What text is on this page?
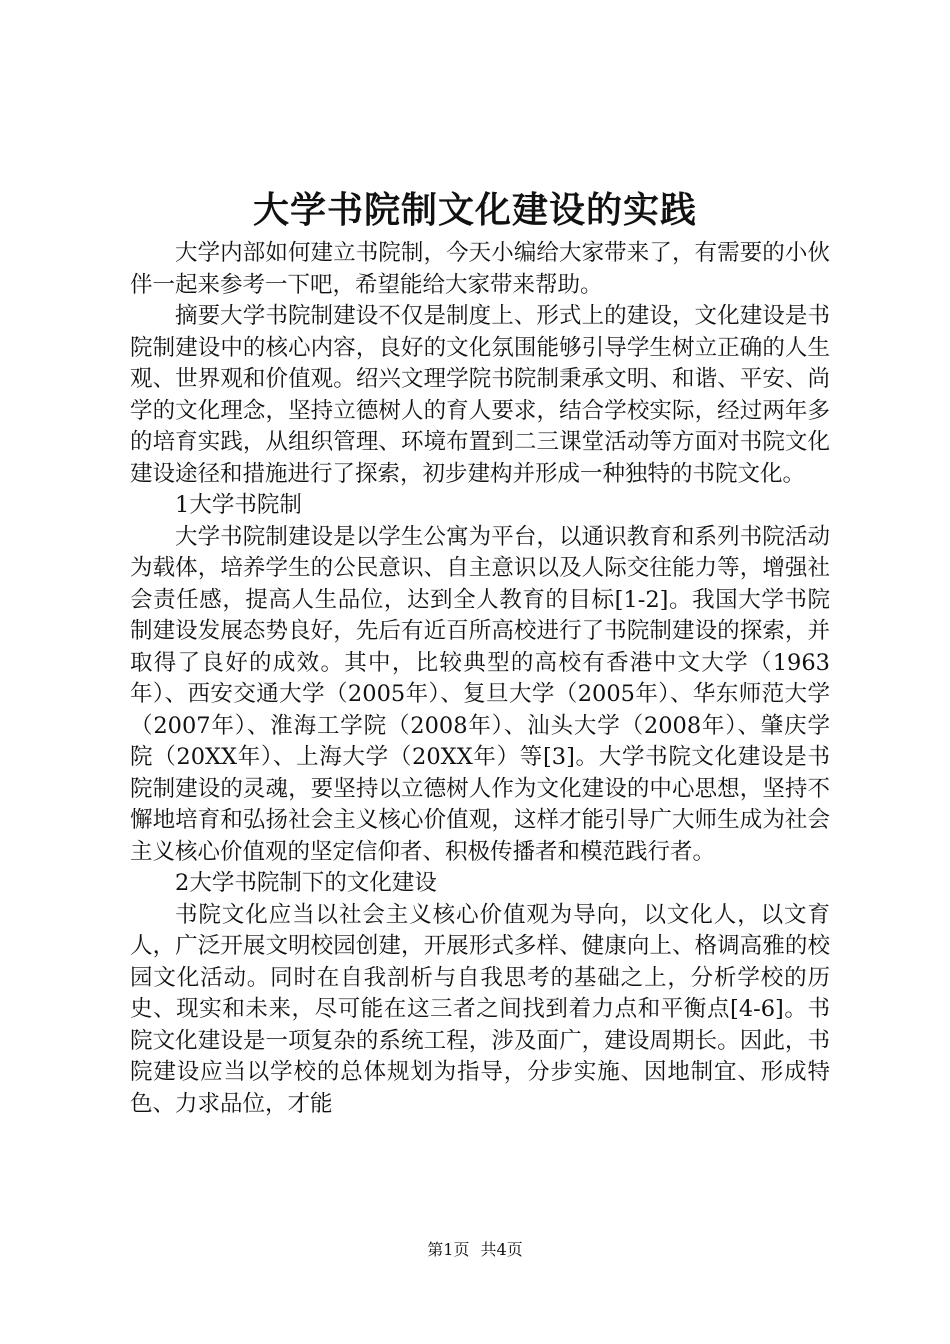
大学书院制文化建设的实践

大学内部如何建立书院制，今天小编给大家带来了，有需要的小伙伴一起来参考一下吧，希望能给大家带来帮助。

摘要大学书院制建设不仅是制度上、形式上的建设，文化建设是书院制建设中的核心内容，良好的文化氛围能够引导学生树立正确的人生观、世界观和价值观。绍兴文理学院书院制秉承文明、和谐、平安、尚学的文化理念，坚持立德树人的育人要求，结合学校实际，经过两年多的培育实践，从组织管理、环境布置到二三课堂活动等方面对书院文化建设途径和措施进行了探索，初步建构并形成一种独特的书院文化。

1大学书院制

大学书院制建设是以学生公寓为平台，以通识教育和系列书院活动为载体，培养学生的公民意识、自主意识以及人际交往能力等，增强社会责任感，提高人生品位，达到全人教育的目标[1-2]。我国大学书院制建设发展态势良好，先后有近百所高校进行了书院制建设的探索，并取得了良好的成效。其中，比较典型的高校有香港中文大学（1963年）、西安交通大学（2005年）、复旦大学（2005年）、华东师范大学（2007年）、淮海工学院（2008年）、汕头大学（2008年）、肇庆学院（20XX年）、上海大学（20XX年）等[3]。大学书院文化建设是书院制建设的灵魂，要坚持以立德树人作为文化建设的中心思想，坚持不懈地培育和弘扬社会主义核心价值观，这样才能引导广大师生成为社会主义核心价值观的坚定信仰者、积极传播者和模范践行者。

2大学书院制下的文化建设

书院文化应当以社会主义核心价值观为导向，以文化人，以文育人，广泛开展文明校园创建，开展形式多样、健康向上、格调高雅的校园文化活动。同时在自我剖析与自我思考的基础之上，分析学校的历史、现实和未来，尽可能在这三者之间找到着力点和平衡点[4-6]。书院文化建设是一项复杂的系统工程，涉及面广，建设周期长。因此，书院建设应当以学校的总体规划为指导，分步实施、因地制宜、形成特色、力求品位，才能

第1页 共4页
